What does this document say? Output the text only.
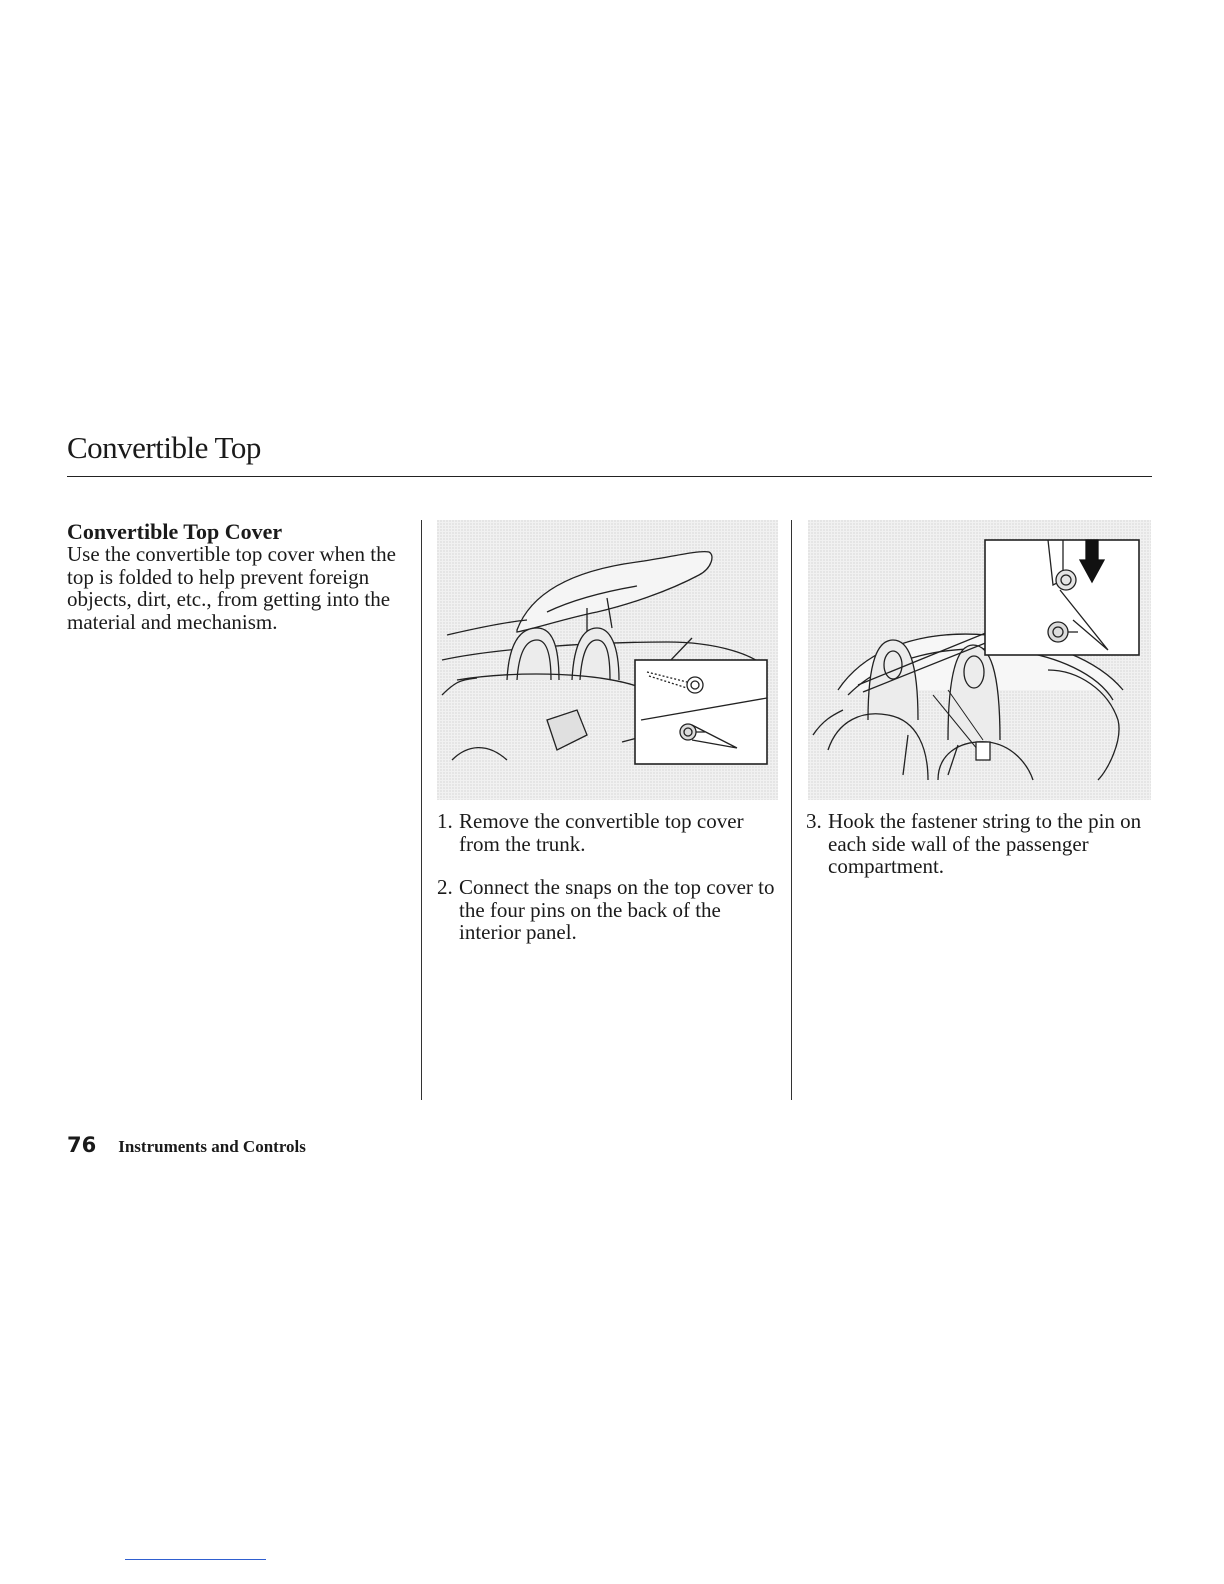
Convertible Top
Convertible Top Cover

Use the convertible top cover when the top is folded to help prevent foreign objects, dirt, etc., from getting into the material and mechanism.

1. Remove the convertible top cover from the trunk.
2. Connect the snaps on the top cover to the four pins on the back of the interior panel.
3. Hook the fastener string to the pin on each side wall of the passenger compartment.
76 Instruments and Controls
